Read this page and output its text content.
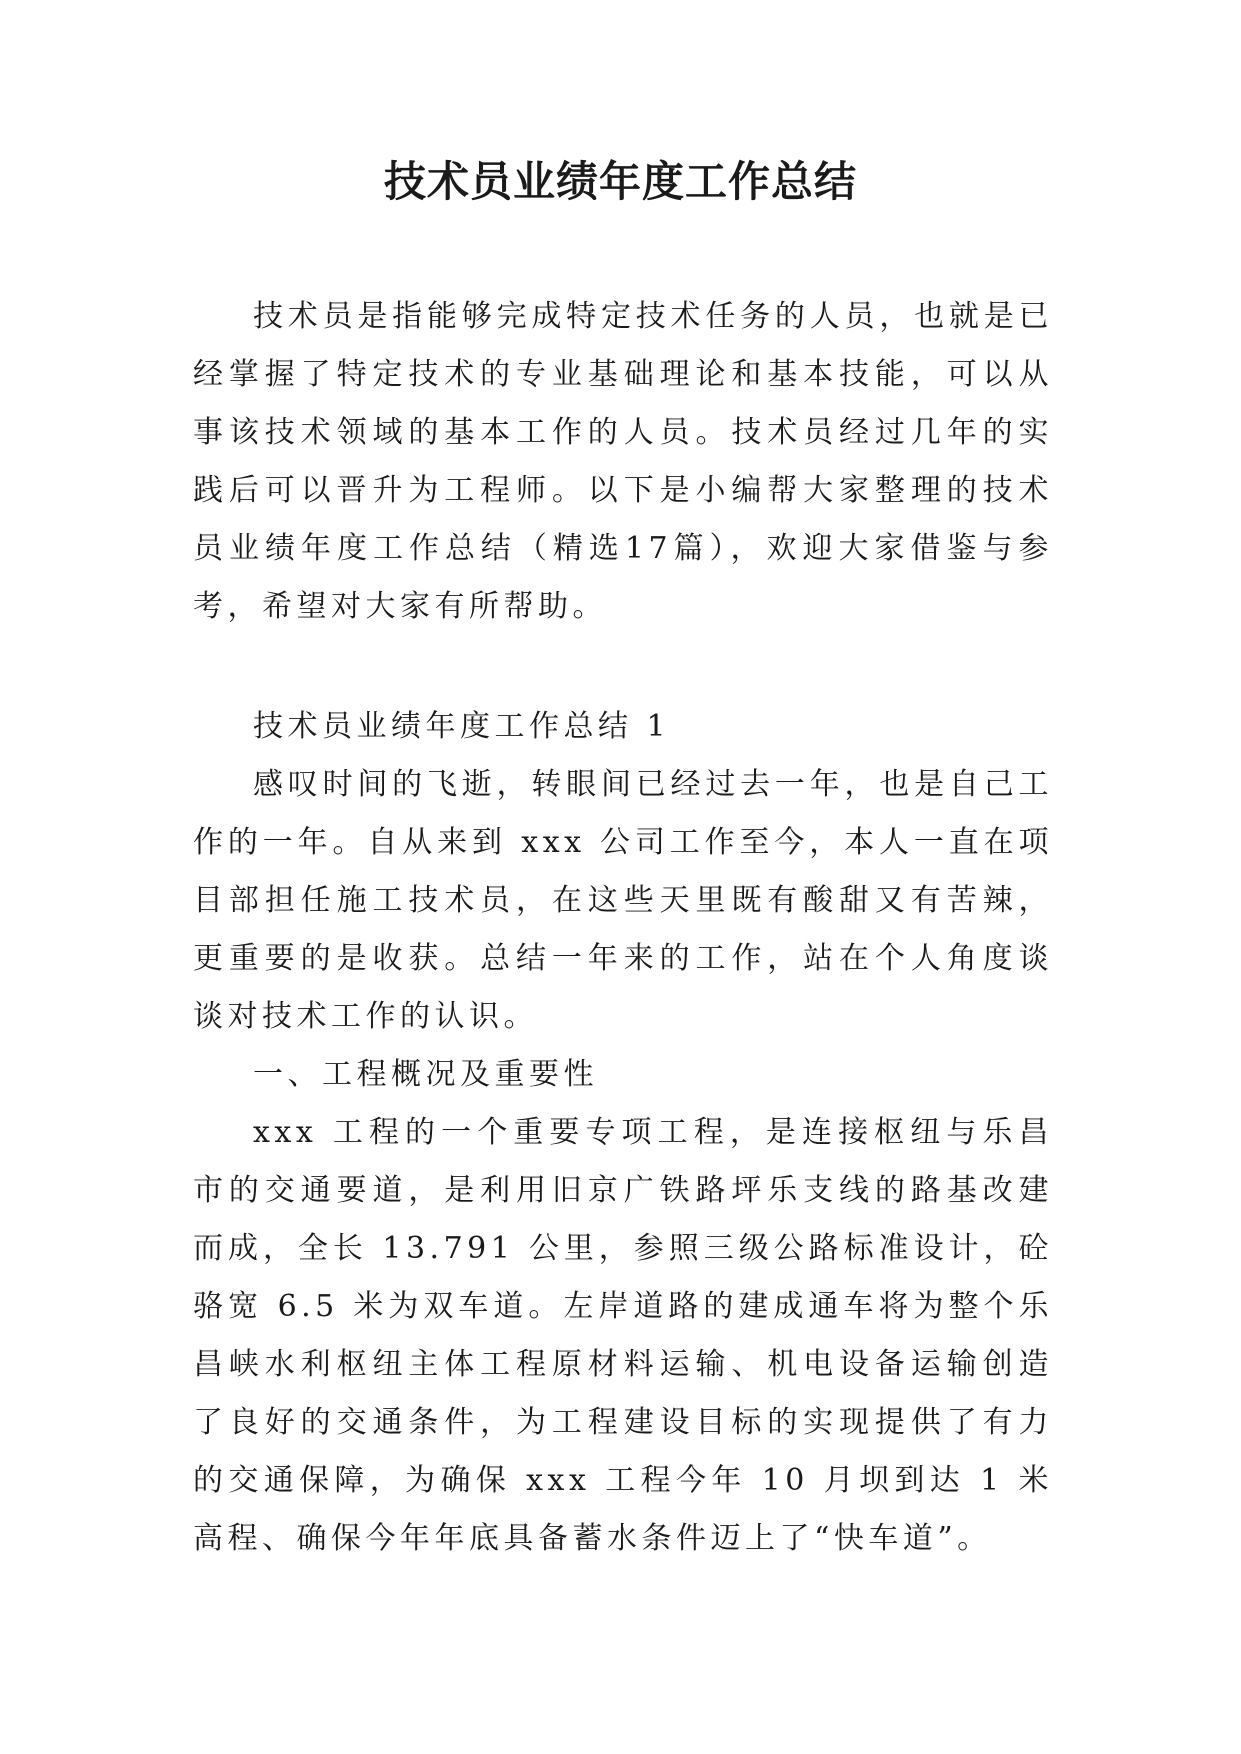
技术员业绩年度工作总结

技术员是指能够完成特定技术任务的人员，也就是已经掌握了特定技术的专业基础理论和基本技能，可以从事该技术领域的基本工作的人员。技术员经过几年的实践后可以晋升为工程师。以下是小编帮大家整理的技术员业绩年度工作总结（精选17篇），欢迎大家借鉴与参考，希望对大家有所帮助。

技术员业绩年度工作总结 1

感叹时间的飞逝，转眼间已经过去一年，也是自己工作的一年。自从来到 xxx 公司工作至今，本人一直在项目部担任施工技术员，在这些天里既有酸甜又有苦辣，更重要的是收获。总结一年来的工作，站在个人角度谈谈对技术工作的认识。

一、工程概况及重要性

xxx 工程的一个重要专项工程，是连接枢纽与乐昌市的交通要道，是利用旧京广铁路坪乐支线的路基改建而成，全长 13.791 公里，参照三级公路标准设计，砼骆宽 6.5 米为双车道。左岸道路的建成通车将为整个乐昌峡水利枢纽主体工程原材料运输、机电设备运输创造了良好的交通条件，为工程建设目标的实现提供了有力的交通保障，为确保 xxx 工程今年 10 月坝到达 1 米高程、确保今年年底具备蓄水条件迈上了“快车道”。
